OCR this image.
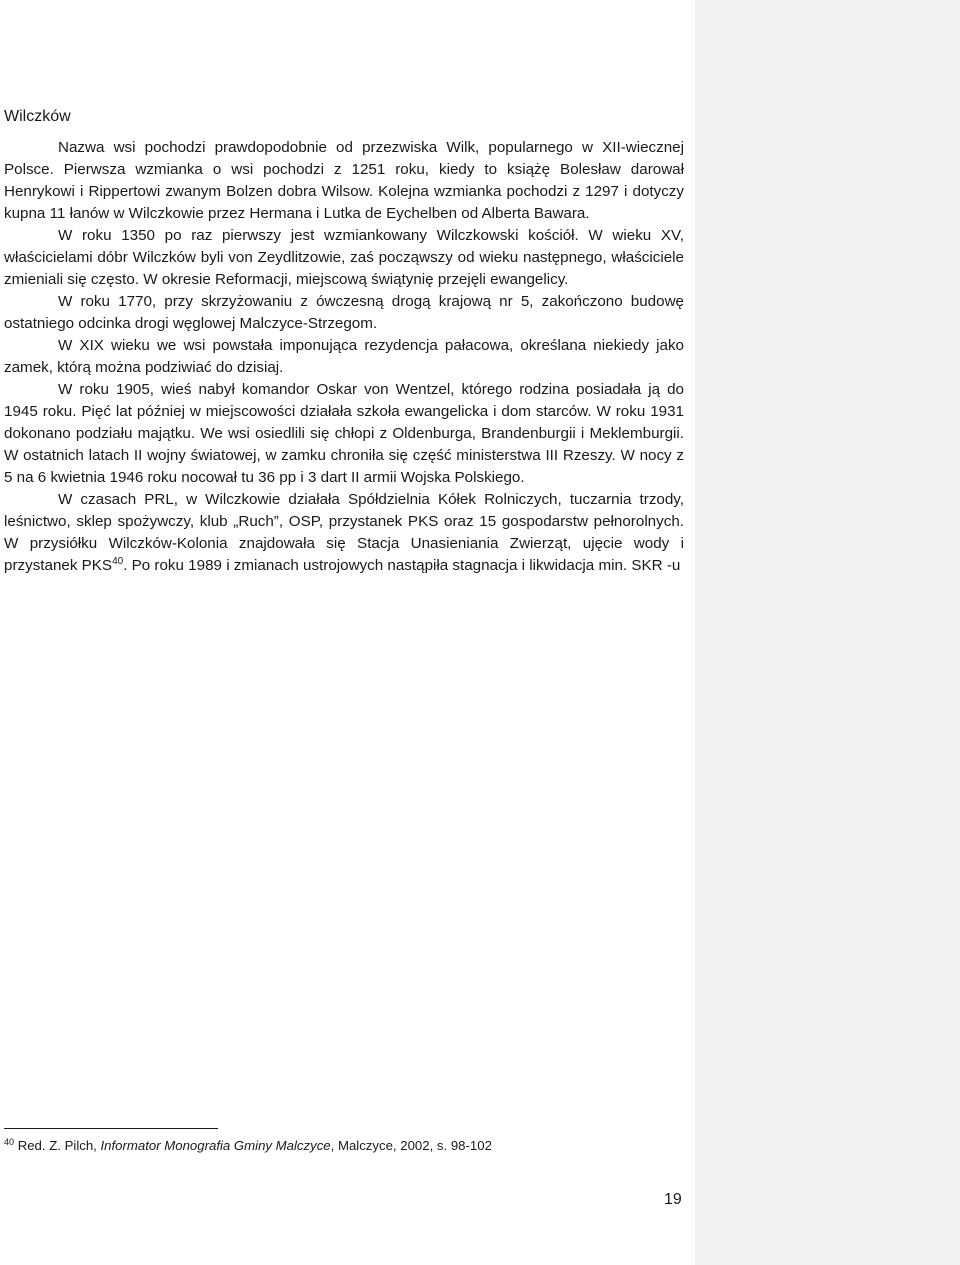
Wilczków

Nazwa wsi pochodzi prawdopodobnie od przezwiska Wilk, popularnego w XII-wiecznej Polsce. Pierwsza wzmianka o wsi pochodzi z 1251 roku, kiedy to książę Bolesław darował Henrykowi i Rippertowi zwanym Bolzen dobra Wilsow. Kolejna wzmianka pochodzi z 1297 i dotyczy kupna 11 łanów w Wilczkowie przez Hermana i Lutka de Eychelben od Alberta Bawara.

W roku 1350 po raz pierwszy jest wzmiankowany Wilczkowski kościół. W wieku XV, właścicielami dóbr Wilczków byli von Zeydlitzowie, zaś począwszy od wieku następnego, właściciele zmieniali się często. W okresie Reformacji, miejscową świątynię przejęli ewangelicy.

W roku 1770, przy skrzyżowaniu z ówczesną drogą krajową nr 5, zakończono budowę ostatniego odcinka drogi węglowej Malczyce-Strzegom.

W XIX wieku we wsi powstała imponująca rezydencja pałacowa, określana niekiedy jako zamek, którą można podziwiać do dzisiaj.

W roku 1905, wieś nabył komandor Oskar von Wentzel, którego rodzina posiadała ją do 1945 roku. Pięć lat później w miejscowości działała szkoła ewangelicka i dom starców. W roku 1931 dokonano podziału majątku. We wsi osiedlili się chłopi z Oldenburga, Brandenburgii i Meklemburgii. W ostatnich latach II wojny światowej, w zamku chroniła się część ministerstwa III Rzeszy. W nocy z 5 na 6 kwietnia 1946 roku nocował tu 36 pp i 3 dart II armii Wojska Polskiego.

W czasach PRL, w Wilczkowie działała Spółdzielnia Kółek Rolniczych, tuczarnia trzody, leśnictwo, sklep spożywczy, klub „Ruch”, OSP, przystanek PKS oraz 15 gospodarstw pełnorolnych. W przysiółku Wilczków-Kolonia znajdowała się Stacja Unasieniania Zwierząt, ujęcie wody i przystanek PKS$^{40}$. Po roku 1989 i zmianach ustrojowych nastąpiła stagnacja i likwidacja min. SKR -u

$^{40}$ Red. Z. Pilch, Informator Monografia Gminy Malczyce, Malczyce, 2002, s. 98-102
19
